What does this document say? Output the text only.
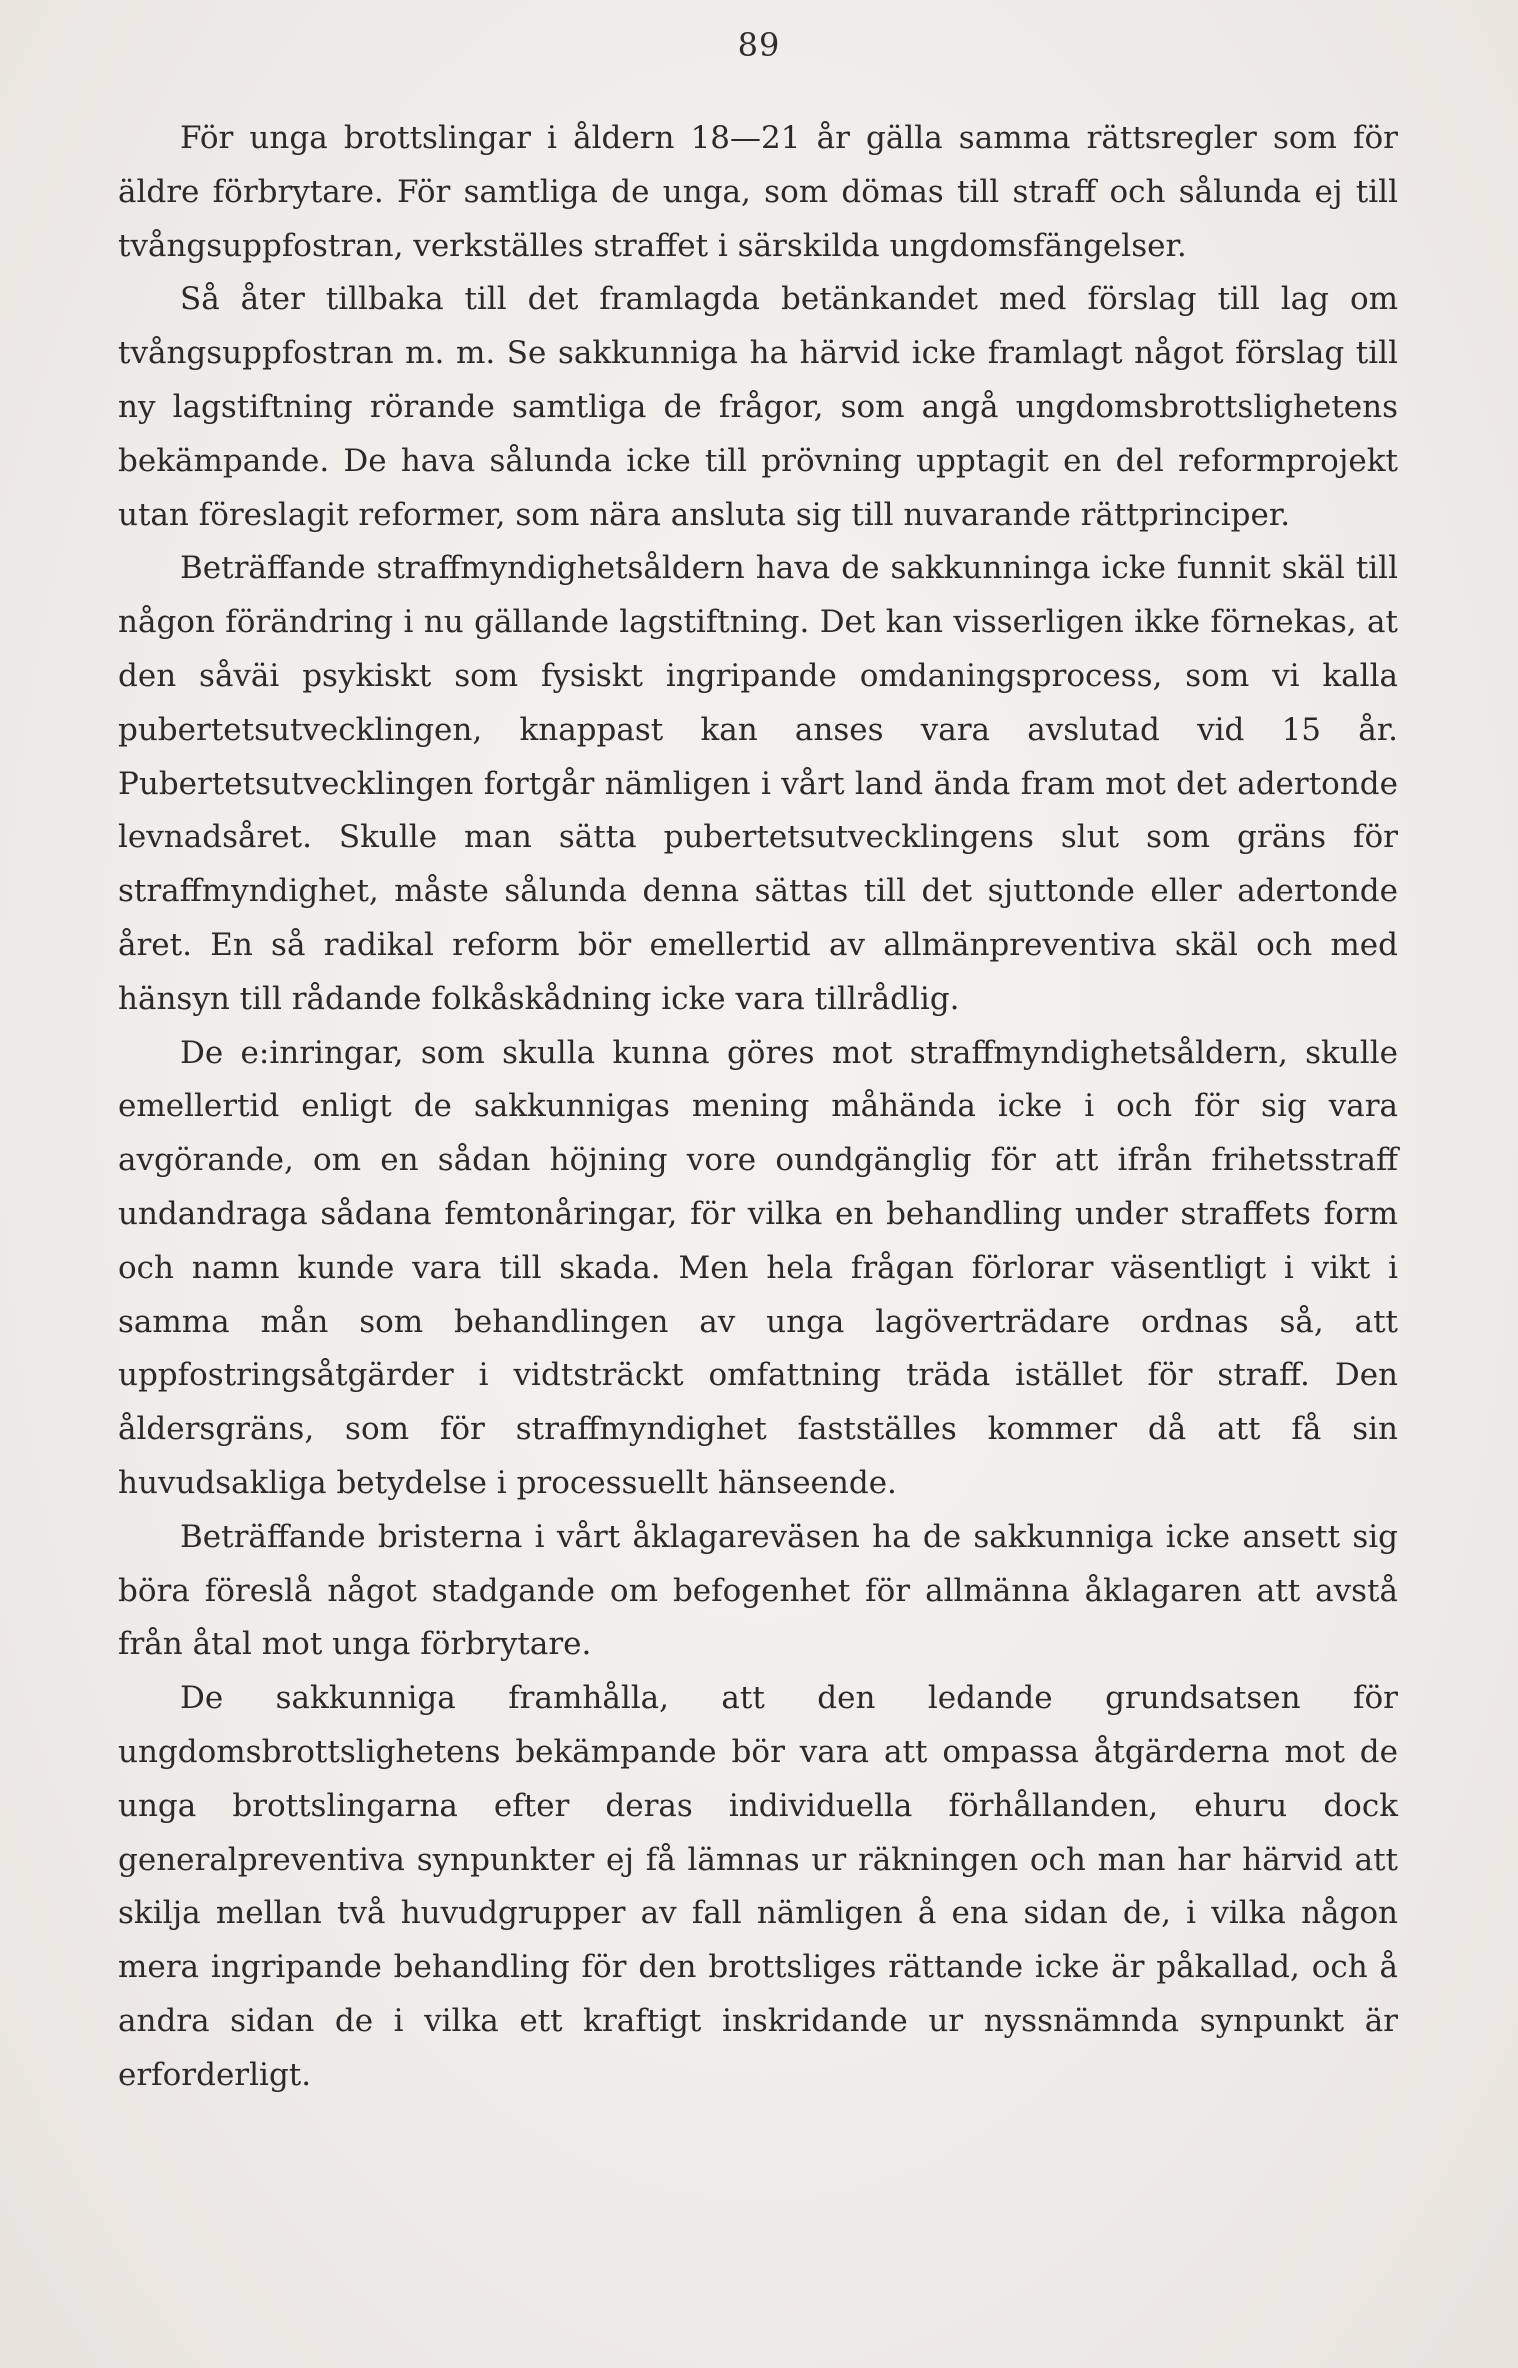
89

För unga brottslingar i åldern 18—21 år gälla samma rättsregler som för äldre förbrytare. För samtliga de unga, som dömas till straff och sålunda ej till tvångsuppfostran, verkställes straffet i särskilda ungdomsfängelser.

Så åter tillbaka till det framlagda betänkandet med förslag till lag om tvångsuppfostran m. m. Se sakkunniga ha härvid icke framlagt något förslag till ny lagstiftning rörande samtliga de frågor, som angå ungdomsbrottslighetens bekämpande. De hava sålunda icke till prövning upptagit en del reformprojekt utan föreslagit reformer, som nära ansluta sig till nuvarande rättprinciper.

Beträffande straffmyndighetsåldern hava de sakkunninga icke funnit skäl till någon förändring i nu gällande lagstiftning. Det kan visserligen ikke förnekas, at den såväi psykiskt som fysiskt ingripande omdaningsprocess, som vi kalla pubertetsutvecklingen, knappast kan anses vara avslutad vid 15 år. Pubertetsutvecklingen fortgår nämligen i vårt land ända fram mot det adertonde levnadsåret. Skulle man sätta pubertetsutvecklingens slut som gräns för straffmyndighet, måste sålunda denna sättas till det sjuttonde eller adertonde året. En så radikal reform bör emellertid av allmänpreventiva skäl och med hänsyn till rådande folkåskådning icke vara tillrådlig.

De e:inringar, som skulla kunna göres mot straffmyndighetsåldern, skulle emellertid enligt de sakkunnigas mening måhända icke i och för sig vara avgörande, om en sådan höjning vore oundgänglig för att ifrån frihetsstraff undandraga sådana femtonåringar, för vilka en behandling under straffets form och namn kunde vara till skada. Men hela frågan förlorar väsentligt i vikt i samma mån som behandlingen av unga lagöverträdare ordnas så, att uppfostringsåtgärder i vidtsträckt omfattning träda istället för straff. Den åldersgräns, som för straffmyndighet fastställes kommer då att få sin huvudsakliga betydelse i processuellt hänseende.

Beträffande bristerna i vårt åklagareväsen ha de sakkunniga icke ansett sig böra föreslå något stadgande om befogenhet för allmänna åklagaren att avstå från åtal mot unga förbrytare.

De sakkunniga framhålla, att den ledande grundsatsen för ungdomsbrottslighetens bekämpande bör vara att ompassa åtgärderna mot de unga brottslingarna efter deras individuella förhållanden, ehuru dock generalpreventiva synpunkter ej få lämnas ur räkningen och man har härvid att skilja mellan två huvudgrupper av fall nämligen å ena sidan de, i vilka någon mera ingripande behandling för den brottsliges rättande icke är påkallad, och å andra sidan de i vilka ett kraftigt inskridande ur nyssnämnda synpunkt är erforderligt.
